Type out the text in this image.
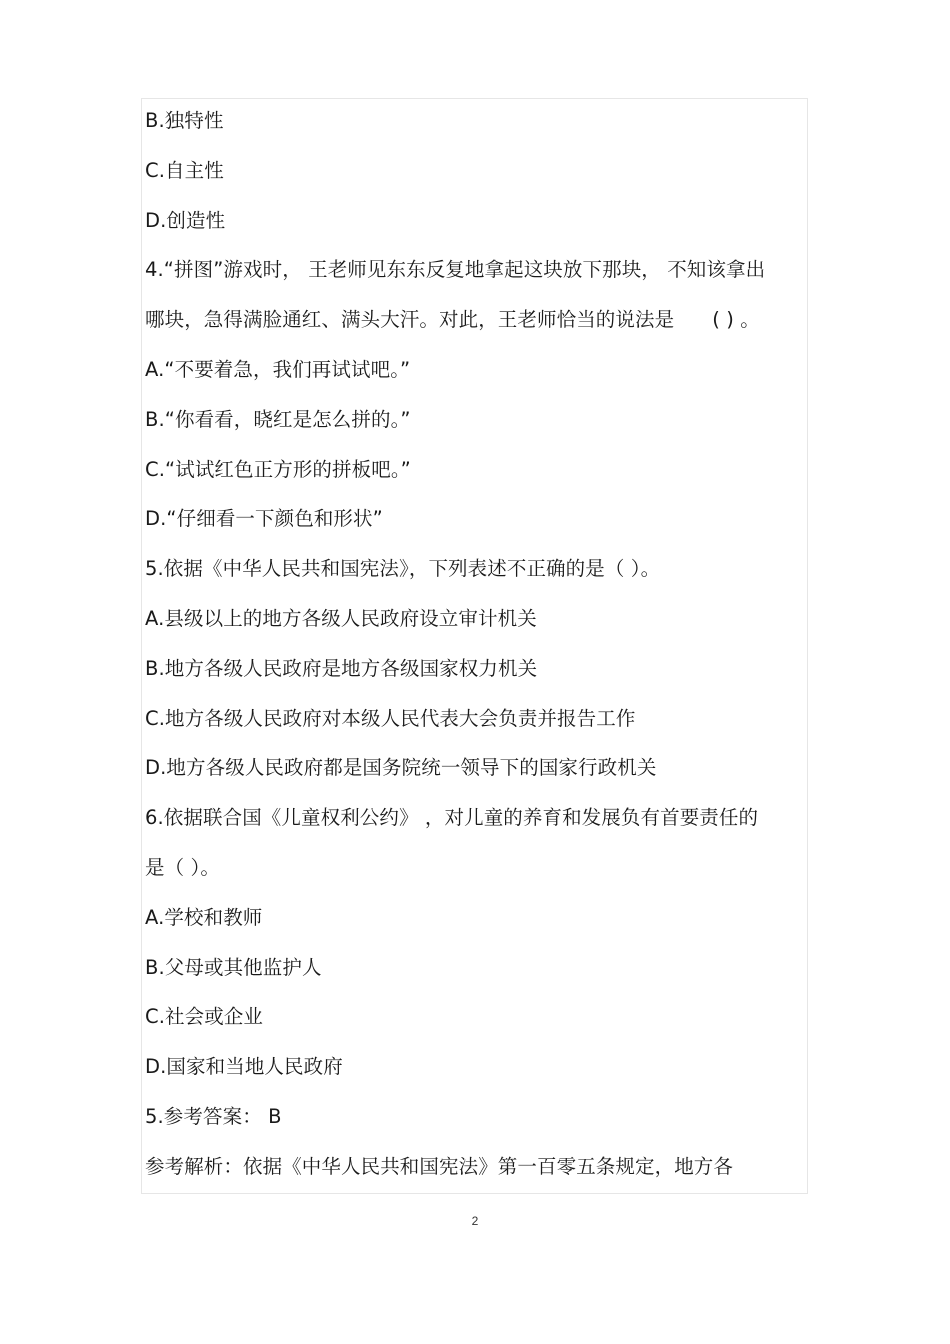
B.独特性
C.自主性
D.创造性
4.“拼图”游戏时， 王老师见东东反复地拿起这块放下那块， 不知该拿出
哪块，急得满脸通红、满头大汗。对此，王老师恰当的说法是 ( ) 。
A.“不要着急，我们再试试吧。”
B.“你看看，晓红是怎么拼的。”
C.“试试红色正方形的拼板吧。”
D.“仔细看一下颜色和形状”
5.依据《中华人民共和国宪法》，下列表述不正确的是（ ）。
A.县级以上的地方各级人民政府设立审计机关
B.地方各级人民政府是地方各级国家权力机关
C.地方各级人民政府对本级人民代表大会负责并报告工作
D.地方各级人民政府都是国务院统一领导下的国家行政机关
6.依据联合国《儿童权利公约》 ，对儿童的养育和发展负有首要责任的
是（ ）。
A.学校和教师
B.父母或其他监护人
C.社会或企业
D.国家和当地人民政府
5.参考答案： B
参考解析：依据《中华人民共和国宪法》第一百零五条规定，地方各
2
